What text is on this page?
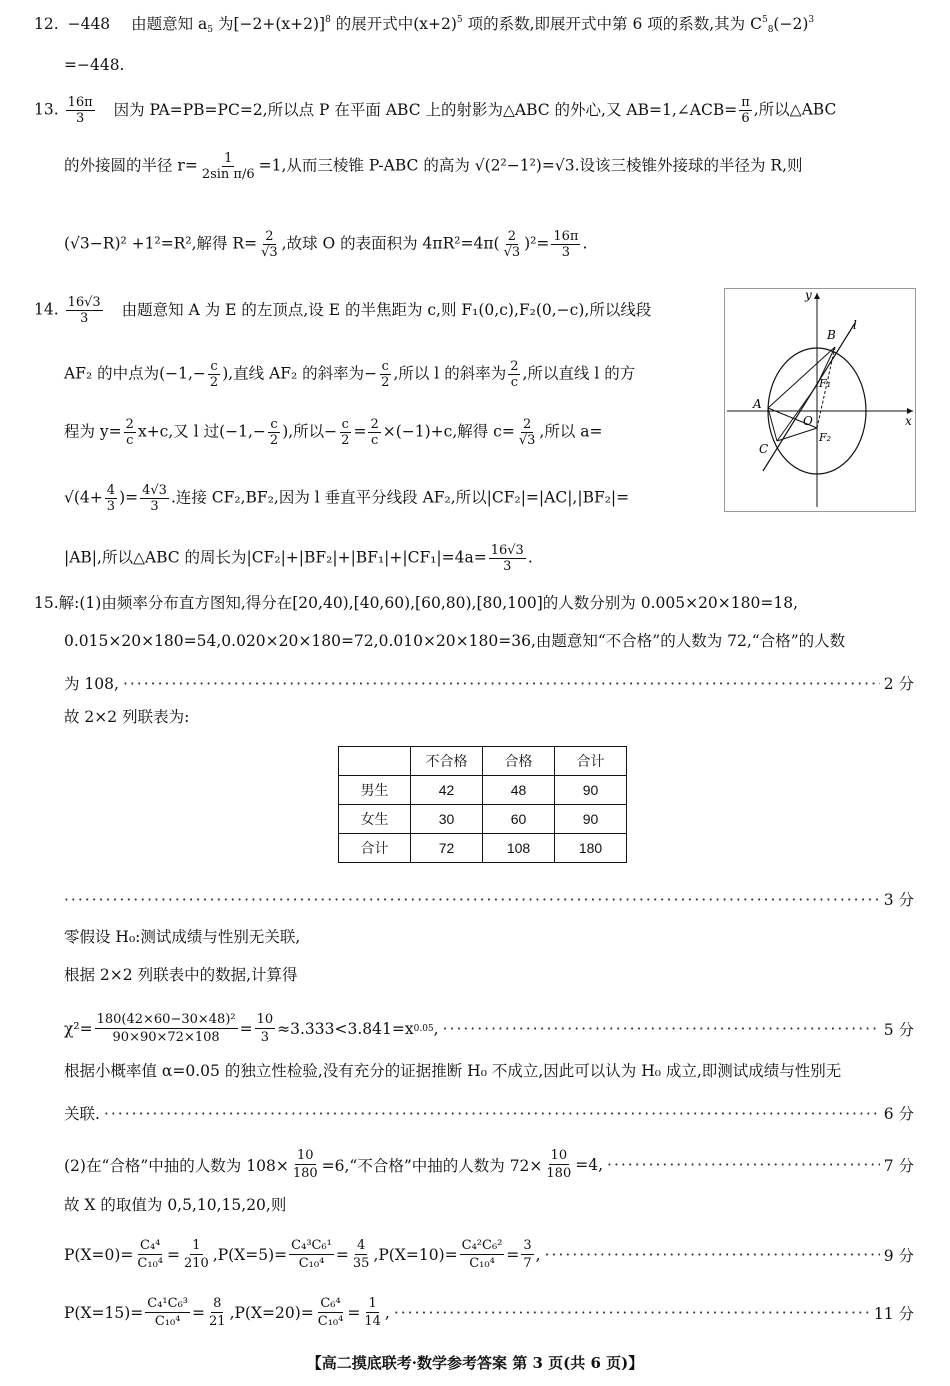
12. −448 由题意知 $a_5$ 为$[-2+(x+2)]^8$ 的展开式中$(x+2)^5$ 项的系数,即展开式中第 6 项的系数,其为 $C^5_8(-2)^3$
=−448.
13. $\frac{16\pi}{3}$ 因为 PA=PB=PC=2,所以点 P 在平面 ABC 上的射影为△ABC 的外心,又 AB=1,∠ACB= $\frac{\pi}{6}$ ,所以△ABC
的外接圆的半径 $r= \frac{1}{\text{2sin π/6}} =1$,从而三棱锥 P-ABC 的高为 √(2²−1²)=√3.设该三棱锥外接球的半径为 R,则
(√3−R)² +1²=R²,解得 $R= \frac{2}{√3}$ ,故球 O 的表面积为 $4\pi R^2=4\pi( \frac{2}{√3} )^2= \frac{16\pi}{3}$ .
14. $\frac{16√3}{3}$ 由题意知 A 为 E 的左顶点,设 E 的半焦距为 c,则 F₁(0,c),F₂(0,−c),所以线段
AF₂ 的中点为($-1,- \frac{c}{2}$ ),直线 AF₂ 的斜率为− $\frac{c}{2}$ ,所以 l 的斜率为 $\frac{2}{c}$ ,所以直线 l 的方
程为 $y= \frac{2}{c} x+c$,又 l 过($-1,- \frac{c}{2}$ ),所以− $\frac{c}{2} = \frac{2}{c} \times(-1)+c$,解得 $c= \frac{2}{√3}$ ,所以 a=
$√(4+ \frac{4}{3}$ )= $\frac{4√3}{3}$ .连接 CF₂,BF₂,因为 l 垂直平分线段 AF₂,所以|CF₂|=|AC|,|BF₂|=
|AB|,所以△ABC 的周长为$|CF_2|+|BF_2|+|BF_1|+|CF_1|=4a= \frac{16√3}{3}$ .
y
x
O
A
B
C
F₁
F₂
l
15.解:(1)由频率分布直方图知,得分在[20,40),[40,60),[60,80),[80,100]的人数分别为 0.005×20×180=18,
0.015×20×180=54,0.020×20×180=72,0.010×20×180=36,由题意知“不合格”的人数为 72,“合格”的人数
为 108, ·····	2 分
故 2×2 列联表为:
	不合格	合格	合计
男生	42	48	90
女生	30	60	90
合计	72	108	180
·····
3 分
零假设 H₀:测试成绩与性别无关联,
根据 2×2 列联表中的数据,计算得
$\chi^2= \frac{\text{180(42×60−30×48)²}}{90\times 90\times 72\times 108} = \frac{10}{3} \approx 3.333<3.841=x$ 0.05 , ·····	5 分
根据小概率值 α=0.05 的独立性检验,没有充分的证据推断 H₀ 不成立,因此可以认为 H₀ 成立,即测试成绩与性别无
关联. ·····	6 分
(2)在“合格”中抽的人数为 $108\times \frac{10}{180}$ =6,“不合格”中抽的人数为 $72\times \frac{10}{180} =4$, ·····	7 分
故 X 的取值为 0,5,10,15,20,则
$P(X=0)= \frac{\text{C₄⁴}}{\text{C₁₀⁴}} = \frac{1}{210} ,P(X=5)= \frac{\text{C₄³C₆¹}}{\text{C₁₀⁴}} = \frac{4}{35} ,P(X=10)= \frac{\text{C₄²C₆²}}{\text{C₁₀⁴}} = \frac{3}{7}$ , ·····	9 分
$P(X=15)= \frac{\text{C₄¹C₆³}}{\text{C₁₀⁴}} = \frac{8}{21} ,P(X=20)= \frac{\text{C₆⁴}}{\text{C₁₀⁴}} = \frac{1}{14}$ , ·····	11 分
【高二摸底联考·数学参考答案 第 3 页(共 6 页)】
